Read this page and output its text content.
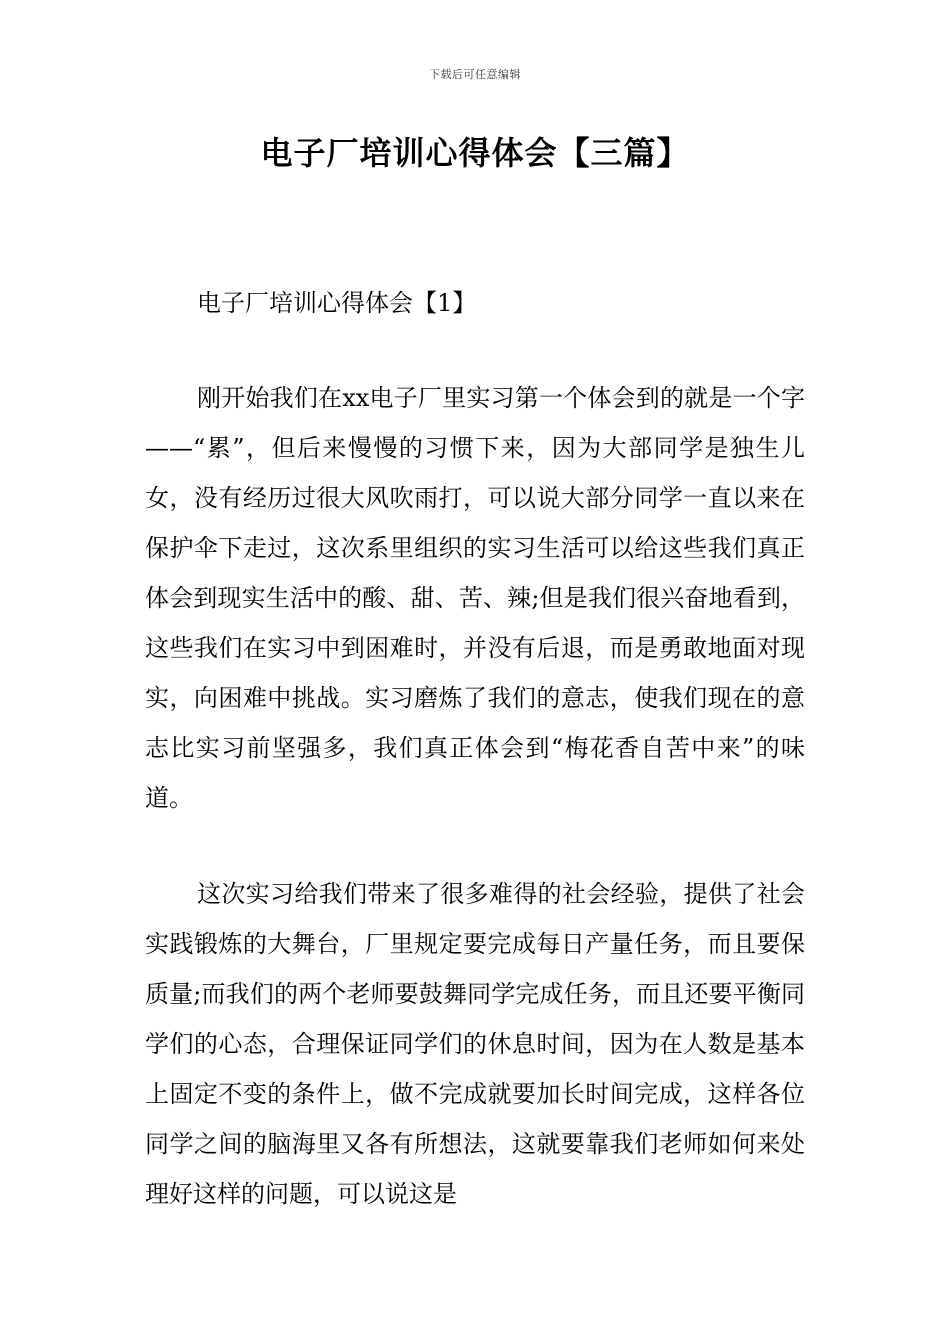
下载后可任意编辑
电子厂培训心得体会【三篇】
电子厂培训心得体会【1】

刚开始我们在xx电子厂里实习第一个体会到的就是一个字——“累”，但后来慢慢的习惯下来，因为大部同学是独生儿女，没有经历过很大风吹雨打，可以说大部分同学一直以来在保护伞下走过，这次系里组织的实习生活可以给这些我们真正体会到现实生活中的酸、甜、苦、辣;但是我们很兴奋地看到，这些我们在实习中到困难时，并没有后退，而是勇敢地面对现实，向困难中挑战。实习磨炼了我们的意志，使我们现在的意志比实习前坚强多，我们真正体会到“梅花香自苦中来”的味道。

这次实习给我们带来了很多难得的社会经验，提供了社会实践锻炼的大舞台，厂里规定要完成每日产量任务，而且要保质量;而我们的两个老师要鼓舞同学完成任务，而且还要平衡同学们的心态，合理保证同学们的休息时间，因为在人数是基本上固定不变的条件上，做不完成就要加长时间完成，这样各位同学之间的脑海里又各有所想法，这就要靠我们老师如何来处理好这样的问题，可以说这是
